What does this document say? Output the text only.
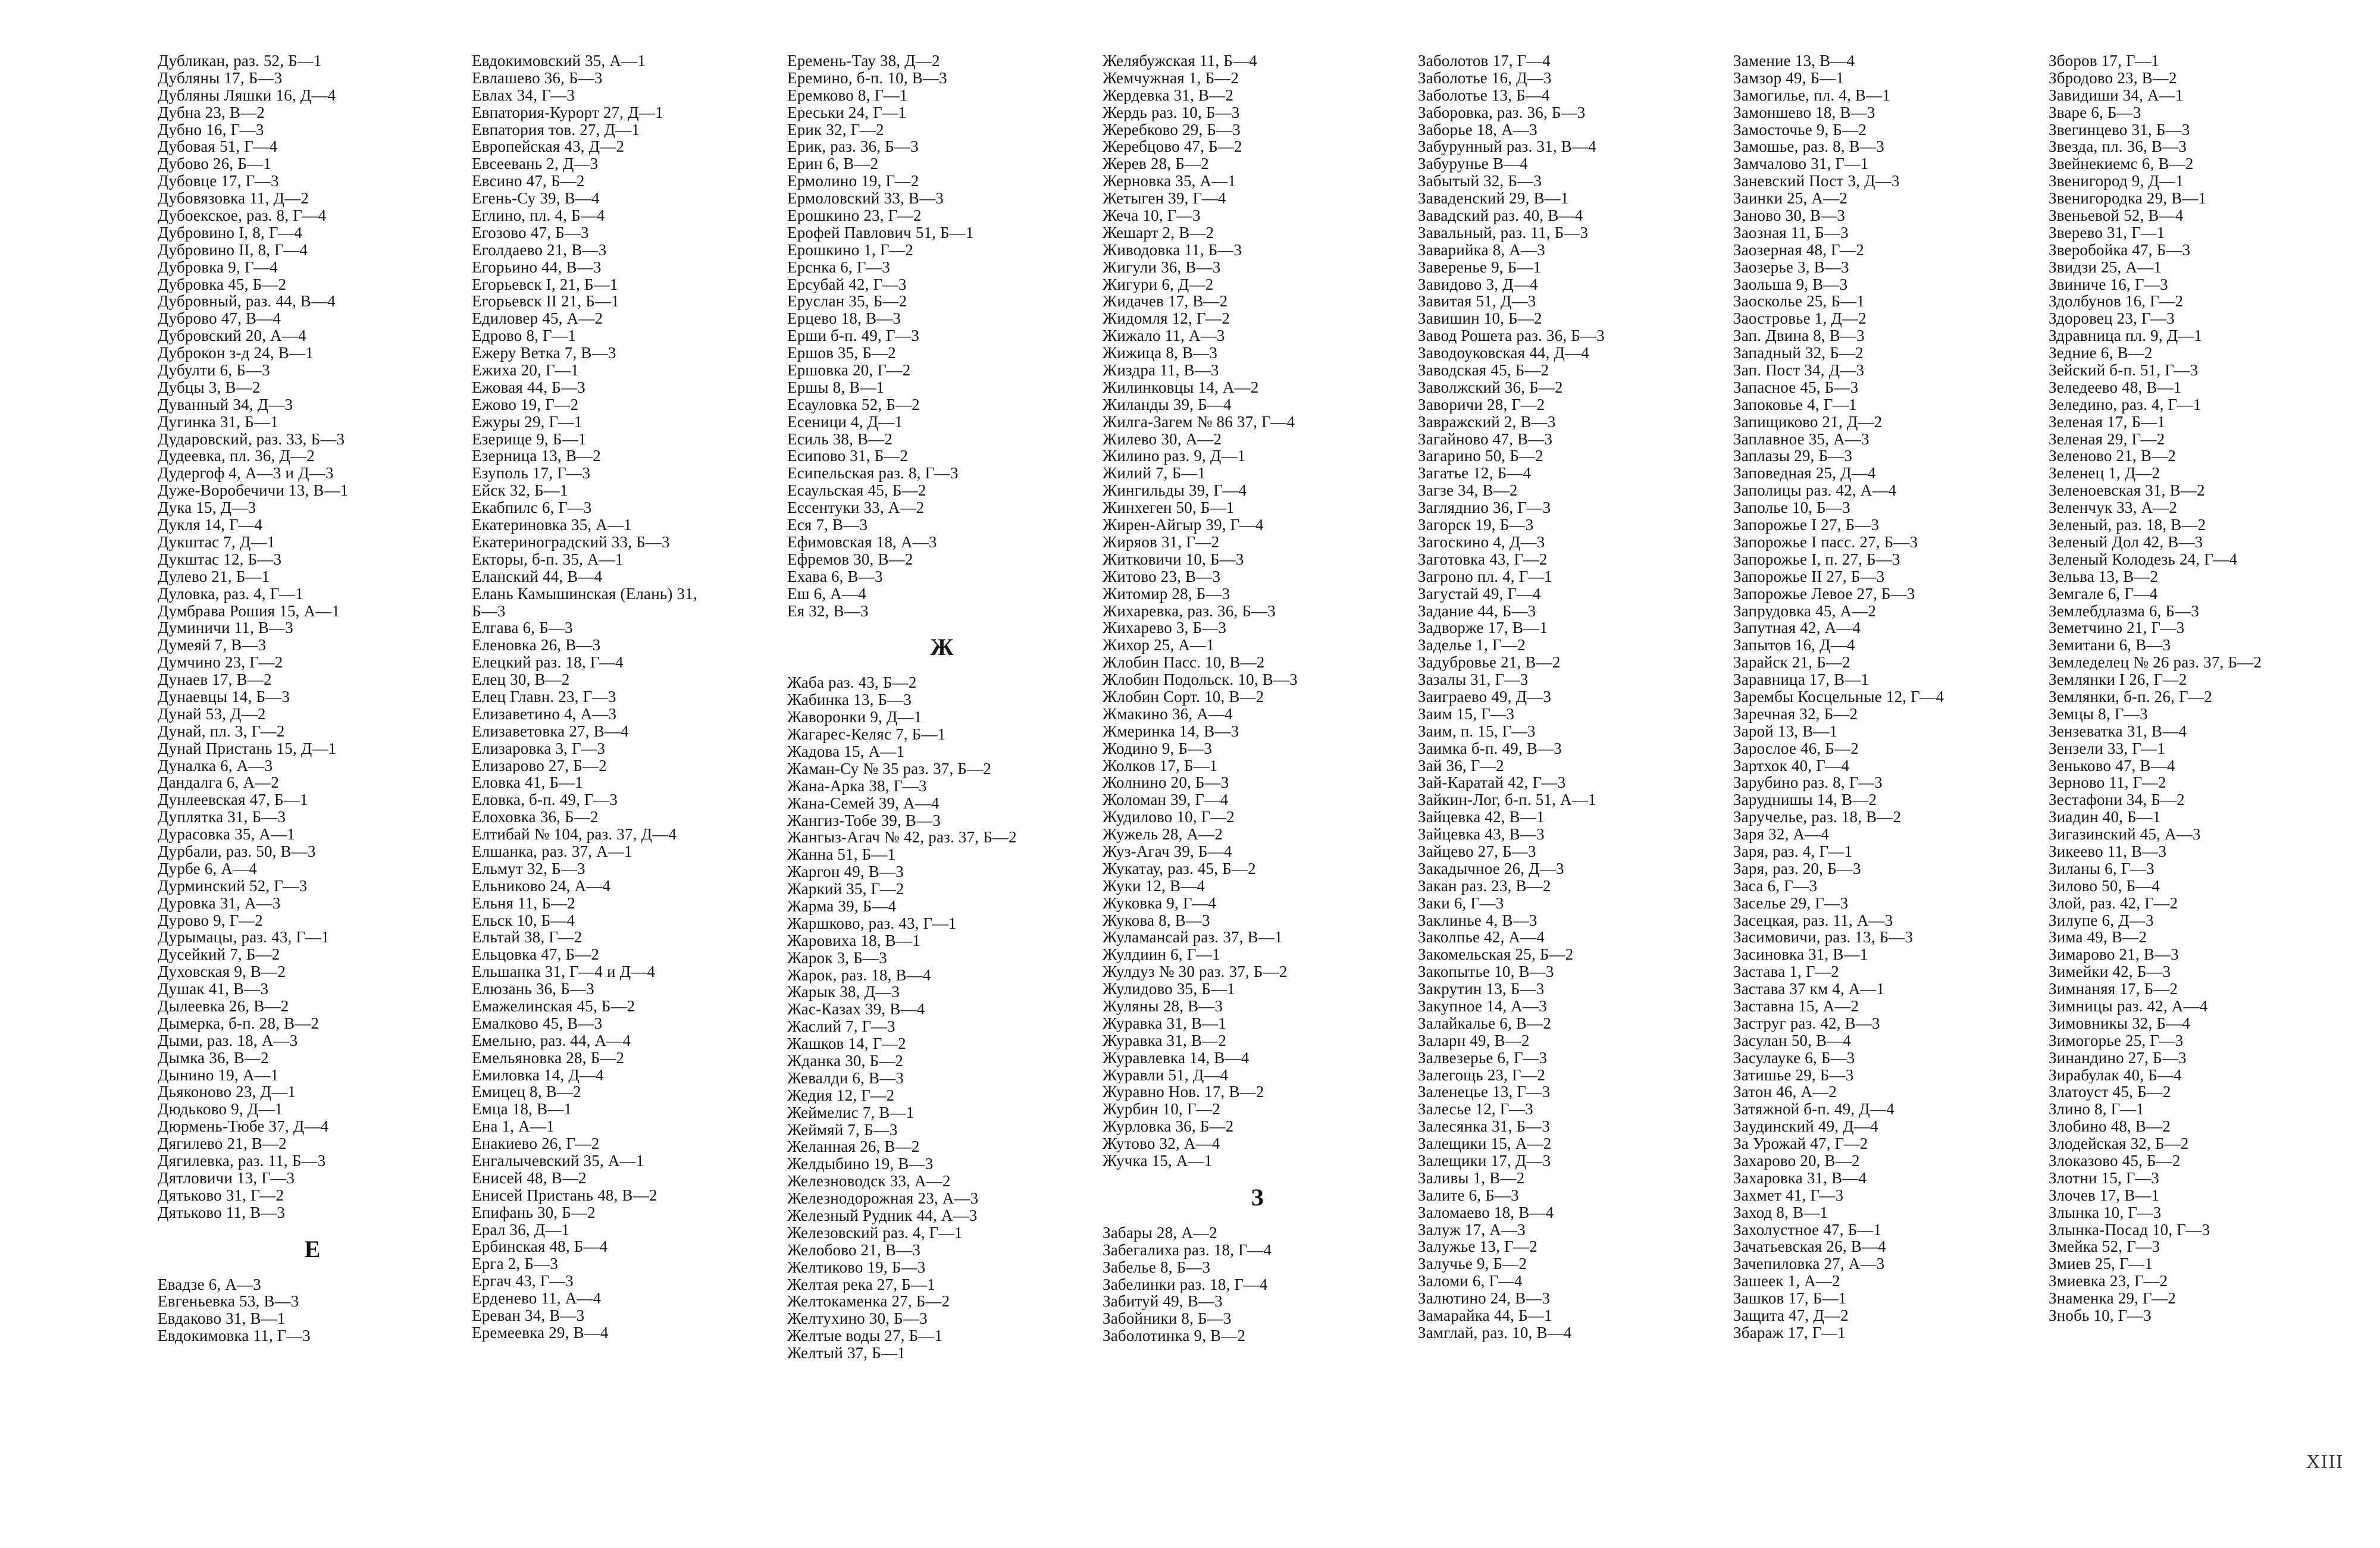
Дубликан, раз. 52, Б—1
Дубляны 17, Б—3
Дубляны Ляшки 16, Д—4
Дубна 23, В—2
Дубно 16, Г—3
Дубовая 51, Г—4
Дубово 26, Б—1
Дубовце 17, Г—3
Дубовязовка 11, Д—2
Дубоекское, раз. 8, Г—4
Дубровино I, 8, Г—4
Дубровино II, 8, Г—4
Дубровка 9, Г—4
Дубровка 45, Б—2
Дубровный, раз. 44, В—4
Дуброво 47, В—4
Дубровский 20, А—4
Дуброкон з-д 24, В—1
Дубулти 6, Б—3
Дубцы 3, В—2
Дуванный 34, Д—3
Дугинка 31, Б—1
Дударовский, раз. 33, Б—3
Дудеевка, пл. 36, Д—2
Дудергоф 4, А—3 и Д—3
Дуже-Воробечичи 13, В—1
Дука 15, Д—3
Дукля 14, Г—4
Дукштас 7, Д—1
Дукштас 12, Б—3
Дулево 21, Б—1
Дуловка, раз. 4, Г—1
Думбрава Рошия 15, А—1
Думиничи 11, В—3
Думеяй 7, В—3
Думчино 23, Г—2
Дунаев 17, В—2
Дунаевцы 14, Б—3
Дунай 53, Д—2
Дунай, пл. 3, Г—2
Дунай Пристань 15, Д—1
Дуналка 6, А—3
Дандалга 6, А—2
Дунлеевская 47, Б—1
Дуплятка 31, Б—3
Дурасовка 35, А—1
Дурбали, раз. 50, В—3
Дурбе 6, А—4
Дурминский 52, Г—3
Дуровка 31, А—3
Дурово 9, Г—2
Дурымацы, раз. 43, Г—1
Дусейкий 7, Б—2
Духовская 9, В—2
Душак 41, В—3
Дылеевка 26, В—2
Дымерка, б-п. 28, В—2
Дыми, раз. 18, А—3
Дымка 36, В—2
Дынино 19, А—1
Дьяконово 23, Д—1
Дюдьково 9, Д—1
Дюрмень-Тюбе 37, Д—4
Дягилево 21, В—2
Дягилевка, раз. 11, Б—3
Дятловичи 13, Г—3
Дятьково 31, Г—2
Дятьково 11, В—3
Е
Евадзе 6, А—3
Евгеньевка 53, В—3
Евдаково 31, В—1
Евдокимовка 11, Г—3
Евдокимовский 35, А—1
Евлашево 36, Б—3
Евлах 34, Г—3
Евпатория-Курорт 27, Д—1
Евпатория тов. 27, Д—1
Европейская 43, Д—2
Евсеевань 2, Д—3
Евсино 47, Б—2
Егень-Су 39, В—4
Еглино, пл. 4, Б—4
Егозово 47, Б—3
Еголдаево 21, В—3
Егорьино 44, В—3
Егорьевск I, 21, Б—1
Егорьевск II 21, Б—1
Едиловер 45, А—2
Едрово 8, Г—1
Ежеру Ветка 7, В—3
Ежиха 20, Г—1
Ежовая 44, Б—3
Ежово 19, Г—2
Ежуры 29, Г—1
Езерище 9, Б—1
Езерница 13, В—2
Езуполь 17, Г—3
Ейск 32, Б—1
Екабпилс 6, Г—3
Екатериновка 35, А—1
Екатериноградский 33, Б—3
Екторы, б-п. 35, А—1
Еланский 44, В—4
Елань Камышинская (Елань) 31,
Б—3
Елгава 6, Б—3
Еленовка 26, В—3
Елецкий раз. 18, Г—4
Елец 30, В—2
Елец Главн. 23, Г—3
Елизаветино 4, А—3
Елизаветовка 27, В—4
Елизаровка 3, Г—3
Елизарово 27, Б—2
Еловка 41, Б—1
Еловка, б-п. 49, Г—3
Елоховка 36, Б—2
Елтибай № 104, раз. 37, Д—4
Елшанка, раз. 37, А—1
Ельмут 32, Б—3
Ельниково 24, А—4
Ельня 11, Б—2
Ельск 10, Б—4
Ельтай 38, Г—2
Ельцовка 47, Б—2
Ельшанка 31, Г—4 и Д—4
Елюзань 36, Б—3
Емажелинская 45, Б—2
Емалково 45, В—3
Емельно, раз. 44, А—4
Емельяновка 28, Б—2
Емиловка 14, Д—4
Емицец 8, В—2
Емца 18, В—1
Ена 1, А—1
Енакиево 26, Г—2
Енгалычевский 35, А—1
Енисей 48, В—2
Енисей Пристань 48, В—2
Епифань 30, Б—2
Ерал 36, Д—1
Ербинская 48, Б—4
Ерга 2, Б—3
Ергач 43, Г—3
Ерденево 11, А—4
Ереван 34, В—3
Еремеевка 29, В—4
Еремень-Тау 38, Д—2
Еремино, б-п. 10, В—3
Еремково 8, Г—1
Ереськи 24, Г—1
Ерик 32, Г—2
Ерик, раз. 36, Б—3
Ерин 6, В—2
Ермолино 19, Г—2
Ермоловский 33, В—3
Ерошкино 23, Г—2
Ерофей Павлович 51, Б—1
Ерошкино 1, Г—2
Ерснка 6, Г—3
Ерсубай 42, Г—3
Еруслан 35, Б—2
Ерцево 18, В—3
Ерши б-п. 49, Г—3
Ершов 35, Б—2
Ершовка 20, Г—2
Ершы 8, В—1
Есауловка 52, Б—2
Есеници 4, Д—1
Есиль 38, В—2
Есипово 31, Б—2
Есипельская раз. 8, Г—3
Есаульская 45, Б—2
Ессентуки 33, А—2
Еся 7, В—3
Ефимовская 18, А—3
Ефремов 30, В—2
Ехава 6, В—3
Еш 6, А—4
Ея 32, В—3
Ж
Жаба раз. 43, Б—2
Жабинка 13, Б—3
Жаворонки 9, Д—1
Жагарес-Келяс 7, Б—1
Жадова 15, А—1
Жаман-Су № 35 раз. 37, Б—2
Жана-Арка 38, Г—3
Жана-Семей 39, А—4
Жангиз-Тобе 39, В—3
Жангыз-Агач № 42, раз. 37, Б—2
Жанна 51, Б—1
Жаргон 49, В—3
Жаркий 35, Г—2
Жарма 39, Б—4
Жаршково, раз. 43, Г—1
Жаровиха 18, В—1
Жарок 3, Б—3
Жарок, раз. 18, В—4
Жарык 38, Д—3
Жас-Казах 39, В—4
Жаслий 7, Г—3
Жашков 14, Г—2
Жданка 30, Б—2
Жевалди 6, В—3
Жедия 12, Г—2
Жеймелис 7, В—1
Жеймяй 7, Б—3
Желанная 26, В—2
Желдыбино 19, В—3
Железноводск 33, А—2
Железнодорожная 23, А—3
Железный Рудник 44, А—3
Железовский раз. 4, Г—1
Желобово 21, В—3
Желтиково 19, Б—3
Желтая река 27, Б—1
Желтокаменка 27, Б—2
Желтухино 30, Б—3
Желтые воды 27, Б—1
Желтый 37, Б—1
Желябужская 11, Б—4
Жемчужная 1, Б—2
Жердевка 31, В—2
Жердь раз. 10, Б—3
Жеребково 29, Б—3
Жеребцово 47, Б—2
Жерев 28, Б—2
Жерновка 35, А—1
Жетыген 39, Г—4
Жеча 10, Г—3
Жешарт 2, В—2
Живодовка 11, Б—3
Жигули 36, В—3
Жигури 6, Д—2
Жидачев 17, В—2
Жидомля 12, Г—2
Жижало 11, А—3
Жижица 8, В—3
Жиздра 11, В—3
Жилинковцы 14, А—2
Жиланды 39, Б—4
Жилга-Загем № 86 37, Г—4
Жилево 30, А—2
Жилино раз. 9, Д—1
Жилий 7, Б—1
Жингильды 39, Г—4
Жинхеген 50, Б—1
Жирен-Айгыр 39, Г—4
Жиряов 31, Г—2
Житковичи 10, Б—3
Житово 23, В—3
Житомир 28, Б—3
Жихаревка, раз. 36, Б—3
Жихарево 3, Б—3
Жихор 25, А—1
Жлобин Пасс. 10, В—2
Жлобин Подольск. 10, В—3
Жлобин Сорт. 10, В—2
Жмакино 36, А—4
Жмеринка 14, В—3
Жодино 9, Б—3
Жолков 17, Б—1
Жолнино 20, Б—3
Жоломан 39, Г—4
Жудилово 10, Г—2
Жужель 28, А—2
Жуз-Агач 39, Б—4
Жукатау, раз. 45, Б—2
Жуки 12, В—4
Жуковка 9, Г—4
Жукова 8, В—3
Жуламансай раз. 37, В—1
Жулдиин 6, Г—1
Жулдуз № 30 раз. 37, Б—2
Жулидово 35, Б—1
Жуляны 28, В—3
Журавка 31, В—1
Журавка 31, В—2
Журавлевка 14, В—4
Журавли 51, Д—4
Журавно Нов. 17, В—2
Журбин 10, Г—2
Журловка 36, Б—2
Жутово 32, А—4
Жучка 15, А—1
З
Забары 28, А—2
Забегалиха раз. 18, Г—4
Забелье 8, Б—3
Забелинки раз. 18, Г—4
Забитуй 49, В—3
Забойники 8, Б—3
Заболотинка 9, В—2
Заболотов 17, Г—4
Заболотье 16, Д—3
Заболотье 13, Б—4
Заборовка, раз. 36, Б—3
Заборье 18, А—3
Забурунный раз. 31, В—4
Забурунье В—4
Забытый 32, Б—3
Заваденский 29, В—1
Завадский раз. 40, В—4
Завальный, раз. 11, Б—3
Заварийка 8, А—3
Заверенье 9, Б—1
Завидово 3, Д—4
Завитая 51, Д—3
Завишин 10, Б—2
Завод Рошета раз. 36, Б—3
Заводоуковская 44, Д—4
Заводская 45, Б—2
Заволжский 36, Б—2
Заворичи 28, Г—2
Завражский 2, В—3
Загайново 47, В—3
Загарино 50, Б—2
Загатье 12, Б—4
Загзе 34, В—2
Загляднио 36, Г—3
Загорск 19, Б—3
Загоскино 4, Д—3
Заготовка 43, Г—2
Загроно пл. 4, Г—1
Загустай 49, Г—4
Задание 44, Б—3
Задворже 17, В—1
Заделье 1, Г—2
Задубровье 21, В—2
Зазалы 31, Г—3
Заиграево 49, Д—3
Заим 15, Г—3
Заим, п. 15, Г—3
Заимка б-п. 49, В—3
Зай 36, Г—2
Зай-Каратай 42, Г—3
Зайкин-Лог, б-п. 51, А—1
Зайцевка 42, В—1
Зайцевка 43, В—3
Зайцево 27, Б—3
Закадычное 26, Д—3
Закан раз. 23, В—2
Заки 6, Г—3
Заклинье 4, В—3
Заколпье 42, А—4
Закомельская 25, Б—2
Закопытье 10, В—3
Закрутин 13, Б—3
Закупное 14, А—3
Залайкалье 6, В—2
Заларн 49, В—2
Залвезерье 6, Г—3
Залегощь 23, Г—2
Заленецье 13, Г—3
Залесье 12, Г—3
Залесянка 31, Б—3
Залещики 15, А—2
Залещики 17, Д—3
Заливы 1, В—2
Залите 6, Б—3
Заломаево 18, В—4
Залуж 17, А—3
Залужье 13, Г—2
Залучье 9, Б—2
Заломи 6, Г—4
Залютино 24, В—3
Замарайка 44, Б—1
Замглай, раз. 10, В—4
Замение 13, В—4
Замзор 49, Б—1
Замогилье, пл. 4, В—1
Замоншево 18, В—3
Замосточье 9, Б—2
Замошье, раз. 8, В—3
Замчалово 31, Г—1
Заневский Пост 3, Д—3
Заинки 25, А—2
Заново 30, В—3
Заозная 11, Б—3
Заозерная 48, Г—2
Заозерье 3, В—3
Заольша 9, В—3
Заосколье 25, Б—1
Заостровье 1, Д—2
Зап. Двина 8, В—3
Западный 32, Б—2
Зап. Пост 34, Д—3
Запасное 45, Б—3
Запоковье 4, Г—1
Запищиково 21, Д—2
Заплавное 35, А—3
Заплазы 29, Б—3
Заповедная 25, Д—4
Заполицы раз. 42, А—4
Заполье 10, Б—3
Запорожье I 27, Б—3
Запорожье I пасс. 27, Б—3
Запорожье I, п. 27, Б—3
Запорожье II 27, Б—3
Запорожье Левое 27, Б—3
Запрудовка 45, А—2
Запутная 42, А—4
Запытов 16, Д—4
Зарайск 21, Б—2
Заравница 17, В—1
Зарембы Косцельные 12, Г—4
Заречная 32, Б—2
Зарой 13, В—1
Зарослое 46, Б—2
Зартхок 40, Г—4
Зарубино раз. 8, Г—3
Заруднишы 14, В—2
Заручелье, раз. 18, В—2
Заря 32, А—4
Заря, раз. 4, Г—1
Заря, раз. 20, Б—3
Заса 6, Г—3
Заселье 29, Г—3
Засецкая, раз. 11, А—3
Засимовичи, раз. 13, Б—3
Засиновка 31, В—1
Застава 1, Г—2
Застава 37 км 4, А—1
Заставна 15, А—2
Заструг раз. 42, В—3
Засулан 50, В—4
Засулауке 6, Б—3
Затишье 29, Б—3
Затон 46, А—2
Затяжной б-п. 49, Д—4
Зaудинский 49, Д—4
За Урожай 47, Г—2
Захарово 20, В—2
Захаровка 31, В—4
Захмет 41, Г—3
Заход 8, В—1
Захолустное 47, Б—1
Зачатьевская 26, В—4
Зачепиловка 27, А—3
Зашеек 1, А—2
Зашков 17, Б—1
Защита 47, Д—2
Збараж 17, Г—1
Зборов 17, Г—1
Збродово 23, В—2
Завидиши 34, А—1
Зваре 6, Б—3
Звегинцево 31, Б—3
Звезда, пл. 36, В—3
Звейнекиемс 6, В—2
Звенигород 9, Д—1
Звенигородка 29, В—1
Звеньевой 52, В—4
Зверево 31, Г—1
Зверобойка 47, Б—3
Звидзи 25, А—1
Звиниче 16, Г—3
Здолбунов 16, Г—2
Здоровец 23, Г—3
Здравница пл. 9, Д—1
Зедние 6, В—2
Зейский б-п. 51, Г—3
Зеледеево 48, В—1
Зеледино, раз. 4, Г—1
Зеленая 17, Б—1
Зеленая 29, Г—2
Зеленово 21, В—2
Зеленец 1, Д—2
Зеленоевская 31, В—2
Зеленчук 33, А—2
Зеленый, раз. 18, В—2
Зеленый Дол 42, В—3
Зеленый Колодезь 24, Г—4
Зельва 13, В—2
Земгале 6, Г—4
Землебдлазма 6, Б—3
Земетчино 21, Г—3
Земитани 6, В—3
Земледелец № 26 раз. 37, Б—2
Землянки I 26, Г—2
Землянки, б-п. 26, Г—2
Земцы 8, Г—3
Зензеватка 31, В—4
Зензели 33, Г—1
Зеньково 47, В—4
Зерново 11, Г—2
Зестафони 34, Б—2
Зиадин 40, Б—1
Зигазинский 45, А—3
Зикеево 11, В—3
Зиланы 6, Г—3
Зилово 50, Б—4
Злой, раз. 42, Г—2
Зилупе 6, Д—3
Зима 49, В—2
Зимарово 21, В—3
Зимейки 42, Б—3
Зимнаняя 17, Б—2
Зимницы раз. 42, А—4
Зимовникы 32, Б—4
Зимогорье 25, Г—3
Зинандино 27, Б—3
Зирабулак 40, Б—4
Златоуст 45, Б—2
Злино 8, Г—1
Злобино 48, В—2
Злодейская 32, Б—2
Злоказово 45, Б—2
Злотни 15, Г—3
Злочев 17, В—1
Злынка 10, Г—3
Злынка-Посад 10, Г—3
Змейка 52, Г—3
Змиев 25, Г—1
Змиевка 23, Г—2
Знаменка 29, Г—2
Знобь 10, Г—3
XIII
